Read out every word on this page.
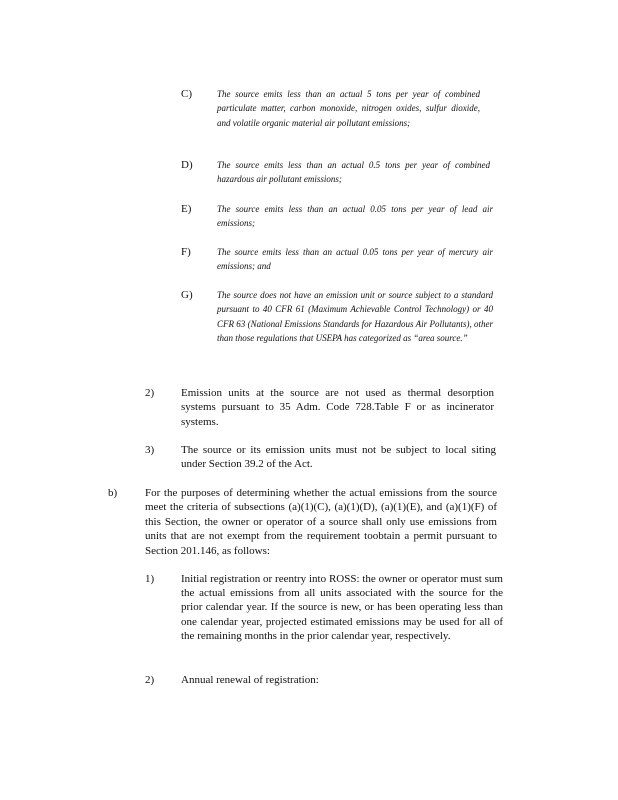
C)	The source emits less than an actual 5 tons per year of combined particulate matter, carbon monoxide, nitrogen oxides, sulfur dioxide, and volatile organic material air pollutant emissions;
D)	The source emits less than an actual 0.5 tons per year of combined hazardous air pollutant emissions;
E)	The source emits less than an actual 0.05 tons per year of lead air emissions;
F)	The source emits less than an actual 0.05 tons per year of mercury air emissions; and
G)	The source does not have an emission unit or source subject to a standard pursuant to 40 CFR 61 (Maximum Achievable Control Technology) or 40 CFR 63 (National Emissions Standards for Hazardous Air Pollutants), other than those regulations that USEPA has categorized as “area source.”
2) Emission units at the source are not used as thermal desorption systems pursuant to 35 Adm. Code 728.Table F or as incinerator systems.
3) The source or its emission units must not be subject to local siting under Section 39.2 of the Act.
b)	For the purposes of determining whether the actual emissions from the source meet the criteria of subsections (a)(1)(C), (a)(1)(D), (a)(1)(E), and (a)(1)(F) of this Section, the owner or operator of a source shall only use emissions from units that are not exempt from the requirement toobtain a permit pursuant to Section 201.146, as follows:
1) Initial registration or reentry into ROSS: the owner or operator must sum the actual emissions from all units associated with the source for the prior calendar year. If the source is new, or has been operating less than one calendar year, projected estimated emissions may be used for all of the remaining months in the prior calendar year, respectively.
2) Annual renewal of registration:
